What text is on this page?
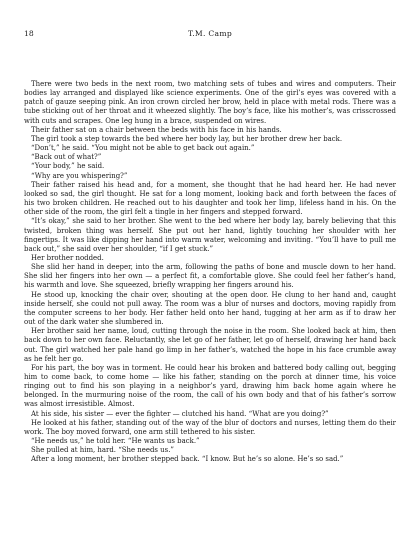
18	T.M. Camp

There were two beds in the next room, two matching sets of tubes and wires and computers. Their bodies lay arranged and displayed like science experiments. One of the girl’s eyes was covered with a patch of gauze seeping pink. An iron crown circled her brow, held in place with metal rods. There was a tube sticking out of her throat and it wheezed slightly. The boy’s face, like his mother’s, was crisscrossed with cuts and scrapes. One leg hung in a brace, suspended on wires.

Their father sat on a chair between the beds with his face in his hands.

The girl took a step towards the bed where her body lay, but her brother drew her back.

“Don’t,” he said. “You might not be able to get back out again.”

“Back out of what?”

“Your body,” he said.

“Why are you whispering?”

Their father raised his head and, for a moment, she thought that he had heard her. He had never looked so sad, the girl thought. He sat for a long moment, looking back and forth between the faces of his two broken children. He reached out to his daughter and took her limp, lifeless hand in his. On the other side of the room, the girl felt a tingle in her fingers and stepped forward.

“It’s okay,” she said to her brother. She went to the bed where her body lay, barely believing that this twisted, broken thing was herself. She put out her hand, lightly touching her shoulder with her fingertips. It was like dipping her hand into warm water, welcoming and inviting. “You’ll have to pull me back out,” she said over her shoulder, “if I get stuck.”

Her brother nodded.

She slid her hand in deeper, into the arm, following the paths of bone and muscle down to her hand. She slid her fingers into her own — a perfect fit, a comfortable glove. She could feel her father’s hand, his warmth and love. She squeezed, briefly wrapping her fingers around his.

He stood up, knocking the chair over, shouting at the open door. He clung to her hand and, caught inside herself, she could not pull away. The room was a blur of nurses and doctors, moving rapidly from the computer screens to her body. Her father held onto her hand, tugging at her arm as if to draw her out of the dark water she slumbered in.

Her brother said her name, loud, cutting through the noise in the room. She looked back at him, then back down to her own face. Reluctantly, she let go of her father, let go of herself, drawing her hand back out. The girl watched her pale hand go limp in her father’s, watched the hope in his face crumble away as he felt her go.

For his part, the boy was in torment. He could hear his broken and battered body calling out, begging him to come back, to come home — like his father, standing on the porch at dinner time, his voice ringing out to find his son playing in a neighbor’s yard, drawing him back home again where he belonged. In the murmuring noise of the room, the call of his own body and that of his father’s sorrow was almost irresistible. Almost.

At his side, his sister — ever the fighter — clutched his hand. “What are you doing?”

He looked at his father, standing out of the way of the blur of doctors and nurses, letting them do their work. The boy moved forward, one arm still tethered to his sister.

“He needs us,” he told her. “He wants us back.”

She pulled at him, hard. “She needs us.”

After a long moment, her brother stepped back. “I know. But he’s so alone. He’s so sad.”
